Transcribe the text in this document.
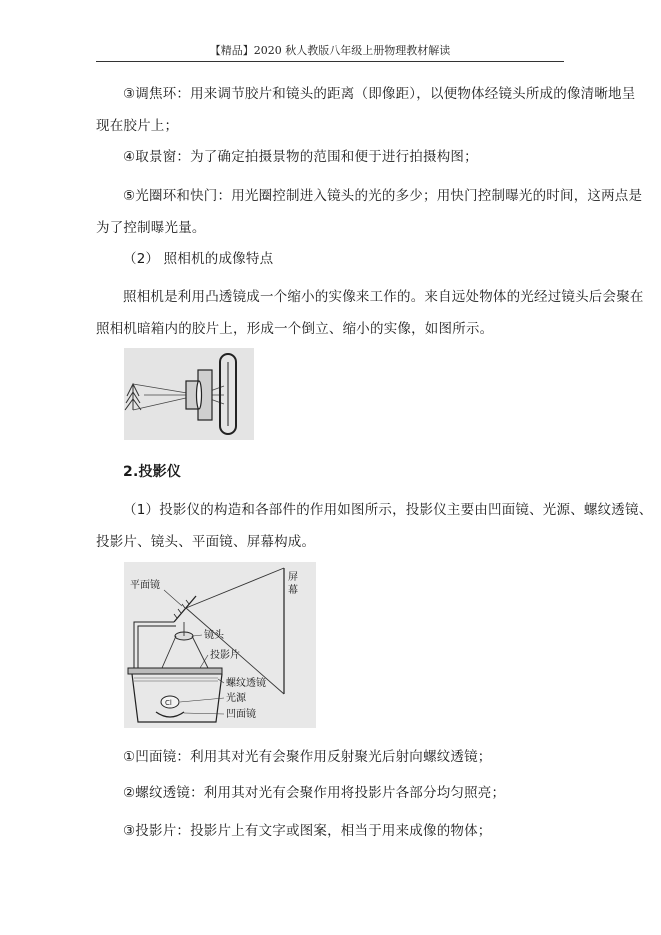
【精品】2020 秋人教版八年级上册物理教材解读
③调焦环：用来调节胶片和镜头的距离（即像距），以便物体经镜头所成的像清晰地呈
现在胶片上；
④取景窗：为了确定拍摄景物的范围和便于进行拍摄构图；
⑤光圈环和快门：用光圈控制进入镜头的光的多少；用快门控制曝光的时间，这两点是
为了控制曝光量。
（2） 照相机的成像特点
照相机是利用凸透镜成一个缩小的实像来工作的。来自远处物体的光经过镜头后会聚在
照相机暗箱内的胶片上，形成一个倒立、缩小的实像，如图所示。
2.投影仪
（1）投影仪的构造和各部件的作用如图所示，投影仪主要由凹面镜、光源、螺纹透镜、
投影片、镜头、平面镜、屏幕构成。
Cl
平面镜
屏
幕
镜头
投影片
螺纹透镜
光源
凹面镜
①凹面镜：利用其对光有会聚作用反射聚光后射向螺纹透镜；
②螺纹透镜：利用其对光有会聚作用将投影片各部分均匀照亮；
③投影片：投影片上有文字或图案，相当于用来成像的物体；
